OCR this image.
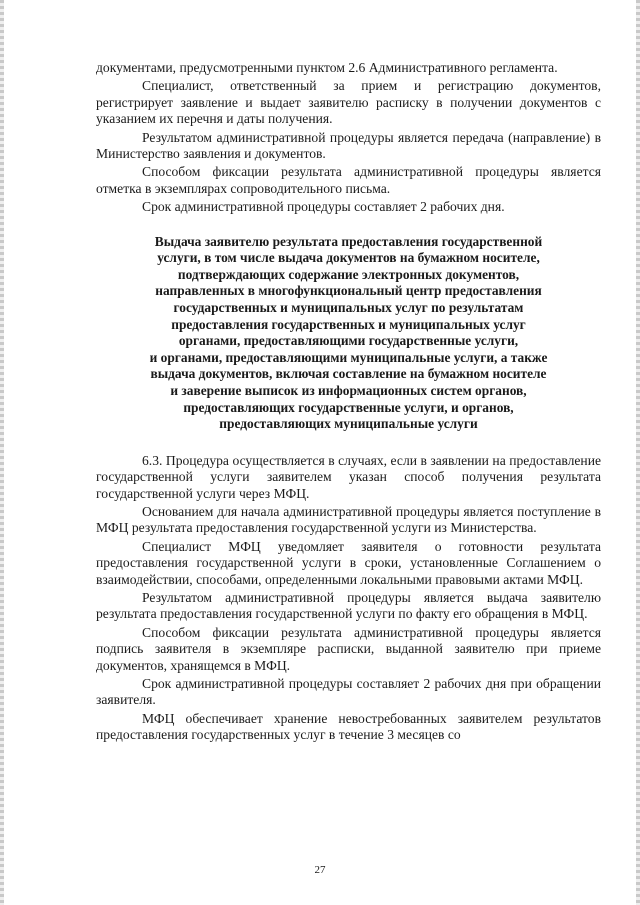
документами, предусмотренными пунктом 2.6 Административного регламента.

Специалист, ответственный за прием и регистрацию документов, регистрирует заявление и выдает заявителю расписку в получении документов с указанием их перечня и даты получения.

Результатом административной процедуры является передача (направление) в Министерство заявления и документов.

Способом фиксации результата административной процедуры является отметка в экземплярах сопроводительного письма.

Срок административной процедуры составляет 2 рабочих дня.

Выдача заявителю результата предоставления государственной
услуги, в том числе выдача документов на бумажном носителе,
подтверждающих содержание электронных документов,
направленных в многофункциональный центр предоставления
государственных и муниципальных услуг по результатам
предоставления государственных и муниципальных услуг
органами, предоставляющими государственные услуги,
и органами, предоставляющими муниципальные услуги, а также
выдача документов, включая составление на бумажном носителе
и заверение выписок из информационных систем органов,
предоставляющих государственные услуги, и органов,
предоставляющих муниципальные услуги

6.3. Процедура осуществляется в случаях, если в заявлении на предоставление государственной услуги заявителем указан способ получения результата государственной услуги через МФЦ.

Основанием для начала административной процедуры является поступление в МФЦ результата предоставления государственной услуги из Министерства.

Специалист МФЦ уведомляет заявителя о готовности результата предоставления государственной услуги в сроки, установленные Соглашением о взаимодействии, способами, определенными локальными правовыми актами МФЦ.

Результатом административной процедуры является выдача заявителю результата предоставления государственной услуги по факту его обращения в МФЦ.

Способом фиксации результата административной процедуры является подпись заявителя в экземпляре расписки, выданной заявителю при приеме документов, хранящемся в МФЦ.

Срок административной процедуры составляет 2 рабочих дня при обращении заявителя.

МФЦ обеспечивает хранение невостребованных заявителем результатов предоставления государственных услуг в течение 3 месяцев со

27
